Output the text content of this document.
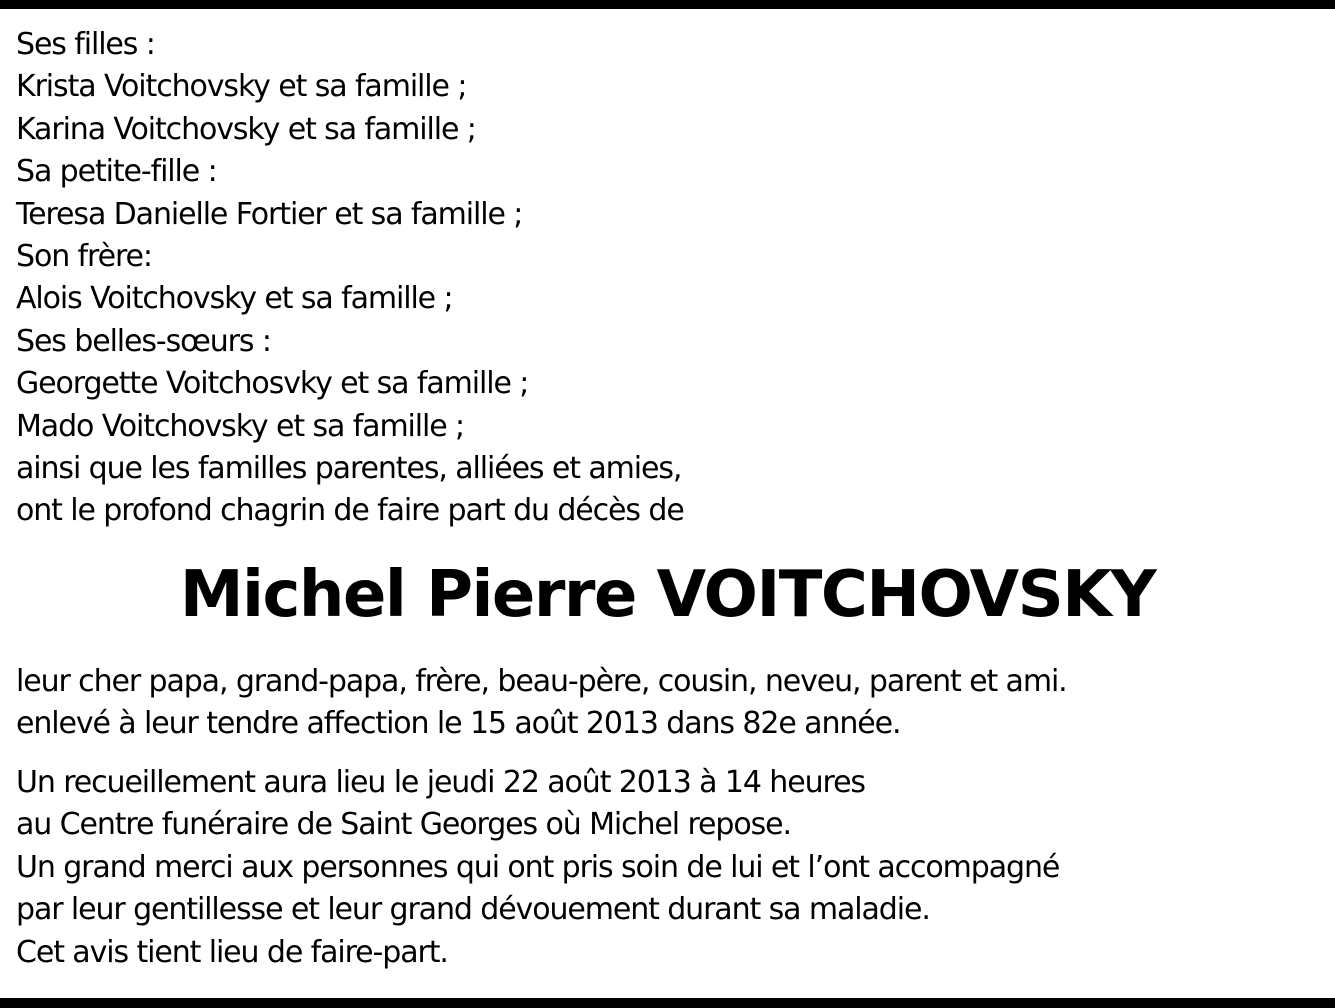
Ses filles :
Krista Voitchovsky et sa famille ;
Karina Voitchovsky et sa famille ;
Sa petite-fille :
Teresa Danielle Fortier et sa famille ;
Son frère:
Alois Voitchovsky et sa famille ;
Ses belles-sœurs :
Georgette Voitchosvky et sa famille ;
Mado Voitchovsky et sa famille ;
ainsi que les familles parentes, alliées et amies,
ont le profond chagrin de faire part du décès de
Michel Pierre VOITCHOVSKY
leur cher papa, grand-papa, frère, beau-père, cousin, neveu, parent et ami.
enlevé à leur tendre affection le 15 août 2013 dans 82e année.
Un recueillement aura lieu le jeudi 22 août 2013 à 14 heures
au Centre funéraire de Saint Georges où Michel repose.
Un grand merci aux personnes qui ont pris soin de lui et l’ont accompagné
par leur gentillesse et leur grand dévouement durant sa maladie.
Cet avis tient lieu de faire-part.
